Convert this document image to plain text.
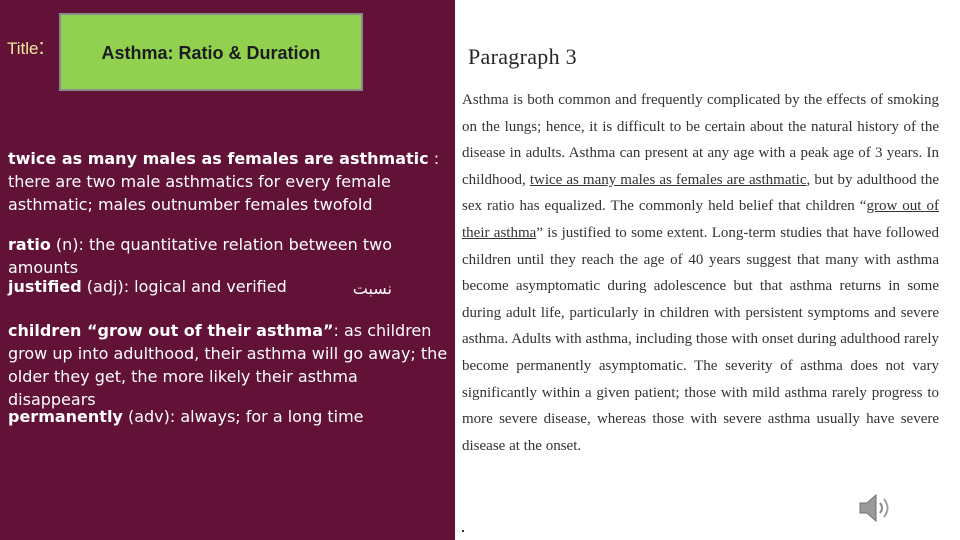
Title:	Asthma: Ratio & Duration
twice as many males as females are asthmatic : there are two male asthmatics for every female asthmatic; males outnumber females twofold
ratio (n): the quantitative relation between two amounts
نسبت
justified (adj): logical and verified
children “grow out of their asthma”: as children grow up into adulthood, their asthma will go away; the older they get, the more likely their asthma disappears
permanently (adv): always; for a long time
Paragraph 3
Asthma is both common and frequently complicated by the effects of smoking on the lungs; hence, it is difficult to be certain about the natural history of the disease in adults. Asthma can present at any age with a peak age of 3 years. In childhood, twice as many males as females are asthmatic, but by adulthood the sex ratio has equalized. The commonly held belief that children “grow out of their asthma” is justified to some extent. Long-term studies that have followed children until they reach the age of 40 years suggest that many with asthma become asymptomatic during adolescence but that asthma returns in some during adult life, particularly in children with persistent symptoms and severe asthma. Adults with asthma, including those with onset during adulthood rarely become permanently asymptomatic. The severity of asthma does not vary significantly within a given patient; those with mild asthma rarely progress to more severe disease, whereas those with severe asthma usually have severe disease at the onset.
